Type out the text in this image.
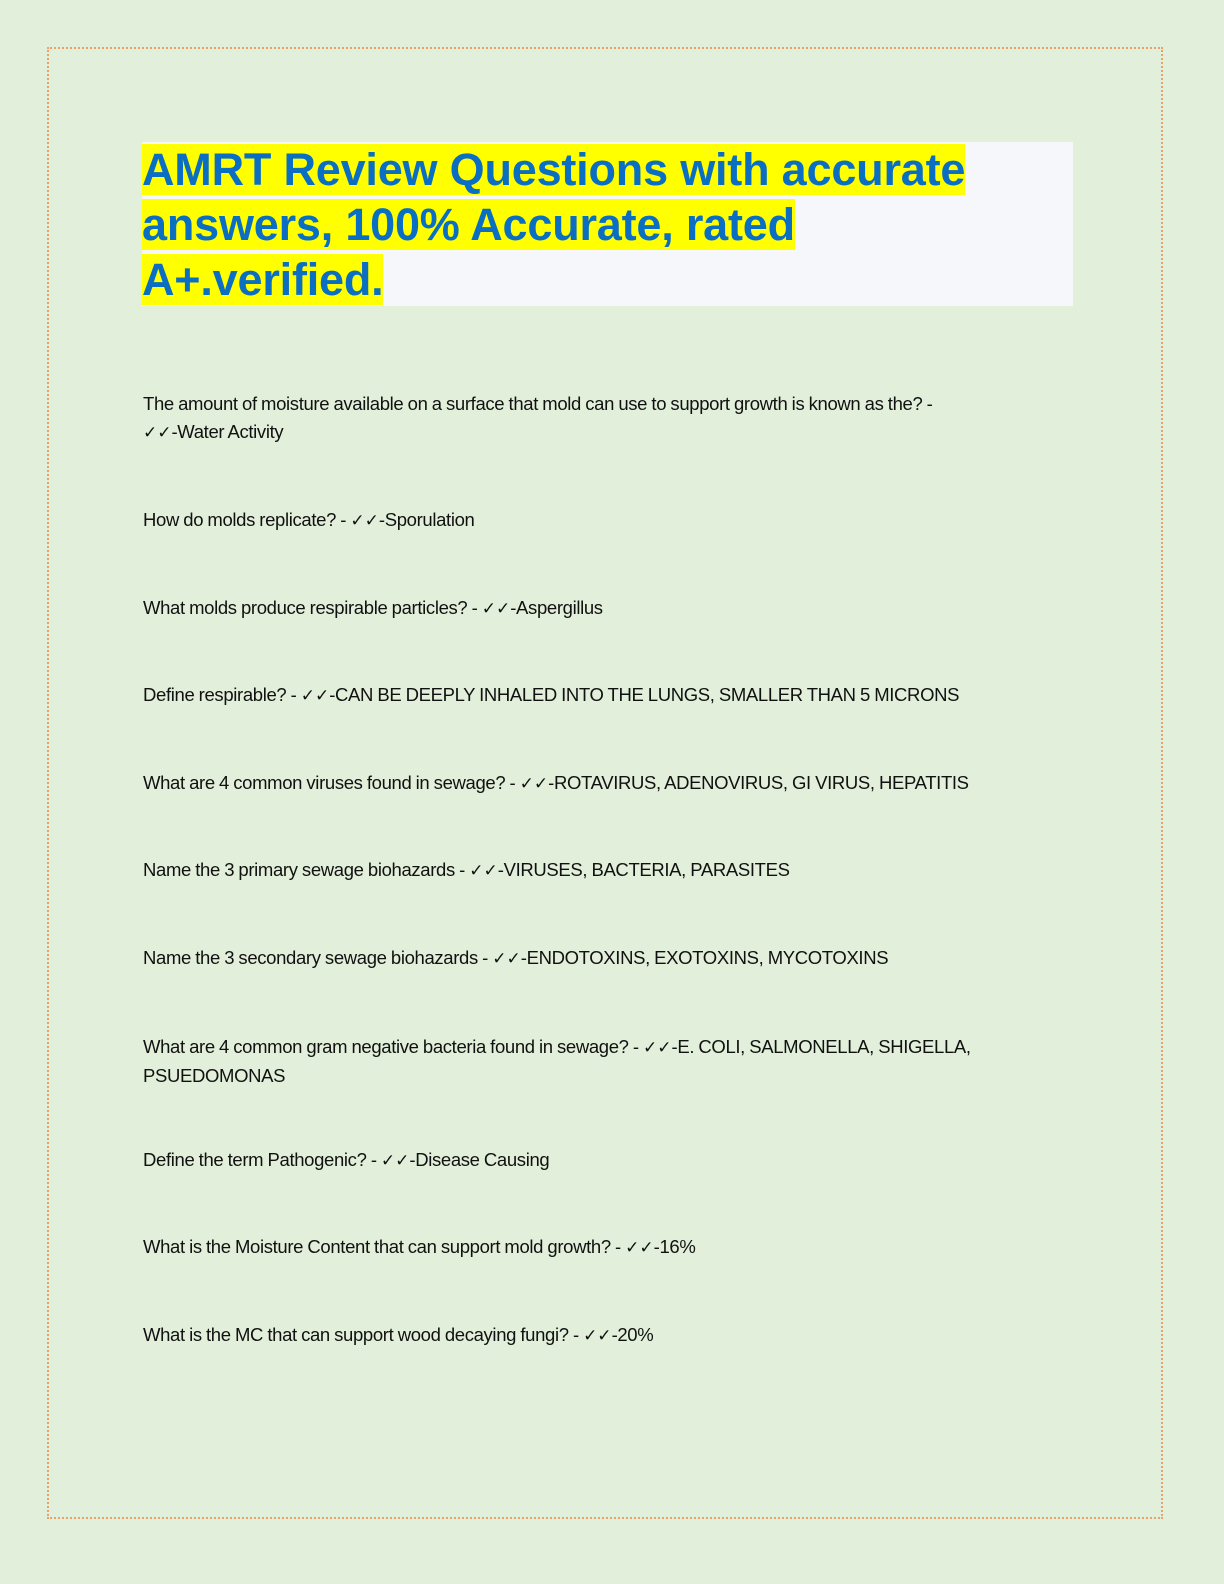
AMRT Review Questions with accurate
answers, 100% Accurate, rated
A+.verified.
The amount of moisture available on a surface that mold can use to support growth is known as the? -
✓✓-Water Activity
How do molds replicate? - ✓✓-Sporulation
What molds produce respirable particles? - ✓✓-Aspergillus
Define respirable? - ✓✓-CAN BE DEEPLY INHALED INTO THE LUNGS, SMALLER THAN 5 MICRONS
What are 4 common viruses found in sewage? - ✓✓-ROTAVIRUS, ADENOVIRUS, GI VIRUS, HEPATITIS
Name the 3 primary sewage biohazards - ✓✓-VIRUSES, BACTERIA, PARASITES
Name the 3 secondary sewage biohazards - ✓✓-ENDOTOXINS, EXOTOXINS, MYCOTOXINS
What are 4 common gram negative bacteria found in sewage? - ✓✓-E. COLI, SALMONELLA, SHIGELLA,
PSUEDOMONAS
Define the term Pathogenic? - ✓✓-Disease Causing
What is the Moisture Content that can support mold growth? - ✓✓-16%
What is the MC that can support wood decaying fungi? - ✓✓-20%
